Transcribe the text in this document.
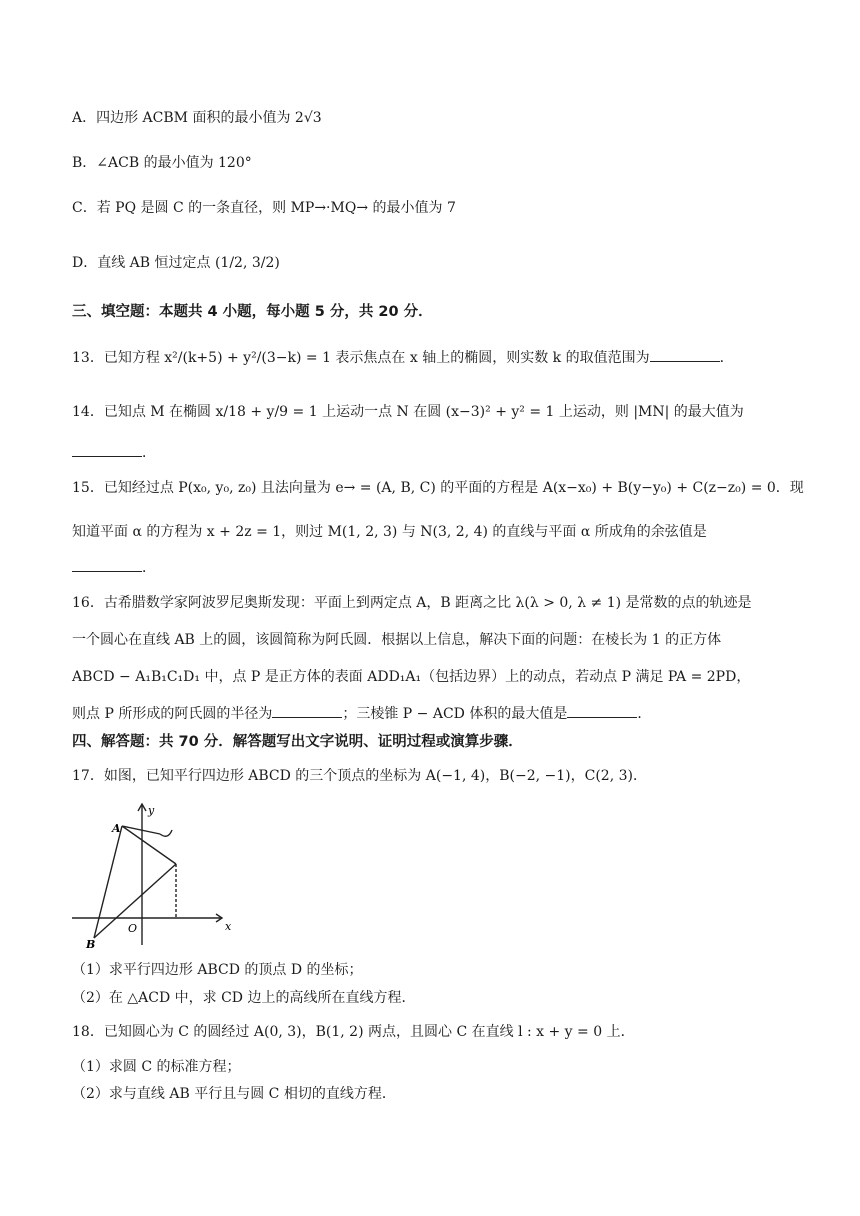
A．四边形 ACBM 面积的最小值为 2√3
B．∠ACB 的最小值为 120°
C．若 PQ 是圆 C 的一条直径，则 MP→·MQ→ 的最小值为 7
D．直线 AB 恒过定点 (1/2, 3/2)
三、填空题：本题共 4 小题，每小题 5 分，共 20 分．
13．已知方程 x²/(k+5) + y²/(3−k) = 1 表示焦点在 x 轴上的椭圆，则实数 k 的取值范围为	．
14．已知点 M 在椭圆 x/18 + y/9 = 1 上运动一点 N 在圆 (x−3)² + y² = 1 上运动，则 |MN| 的最大值为
．
15．已知经过点 P(x₀, y₀, z₀) 且法向量为 e→ = (A, B, C) 的平面的方程是 A(x−x₀) + B(y−y₀) + C(z−z₀) = 0．现
知道平面 α 的方程为 x + 2z = 1，则过 M(1, 2, 3) 与 N(3, 2, 4) 的直线与平面 α 所成角的余弦值是
．
16．古希腊数学家阿波罗尼奥斯发现：平面上到两定点 A，B 距离之比 λ(λ > 0, λ ≠ 1) 是常数的点的轨迹是
一个圆心在直线 AB 上的圆，该圆简称为阿氏圆．根据以上信息，解决下面的问题：在棱长为 1 的正方体
ABCD − A₁B₁C₁D₁ 中，点 P 是正方体的表面 ADD₁A₁（包括边界）上的动点，若动点 P 满足 PA = 2PD，
则点 P 所形成的阿氏圆的半径为	；三棱锥 P − ACD 体积的最大值是	．
四、解答题：共 70 分．解答题写出文字说明、证明过程或演算步骤．
17．如图，已知平行四边形 ABCD 的三个顶点的坐标为 A(−1, 4)，B(−2, −1)，C(2, 3)．
y
x
O
A
B
（1）求平行四边形 ABCD 的顶点 D 的坐标；
（2）在 △ACD 中，求 CD 边上的高线所在直线方程．
18．已知圆心为 C 的圆经过 A(0, 3)，B(1, 2) 两点，且圆心 C 在直线 l : x + y = 0 上．
（1）求圆 C 的标准方程；
（2）求与直线 AB 平行且与圆 C 相切的直线方程．
